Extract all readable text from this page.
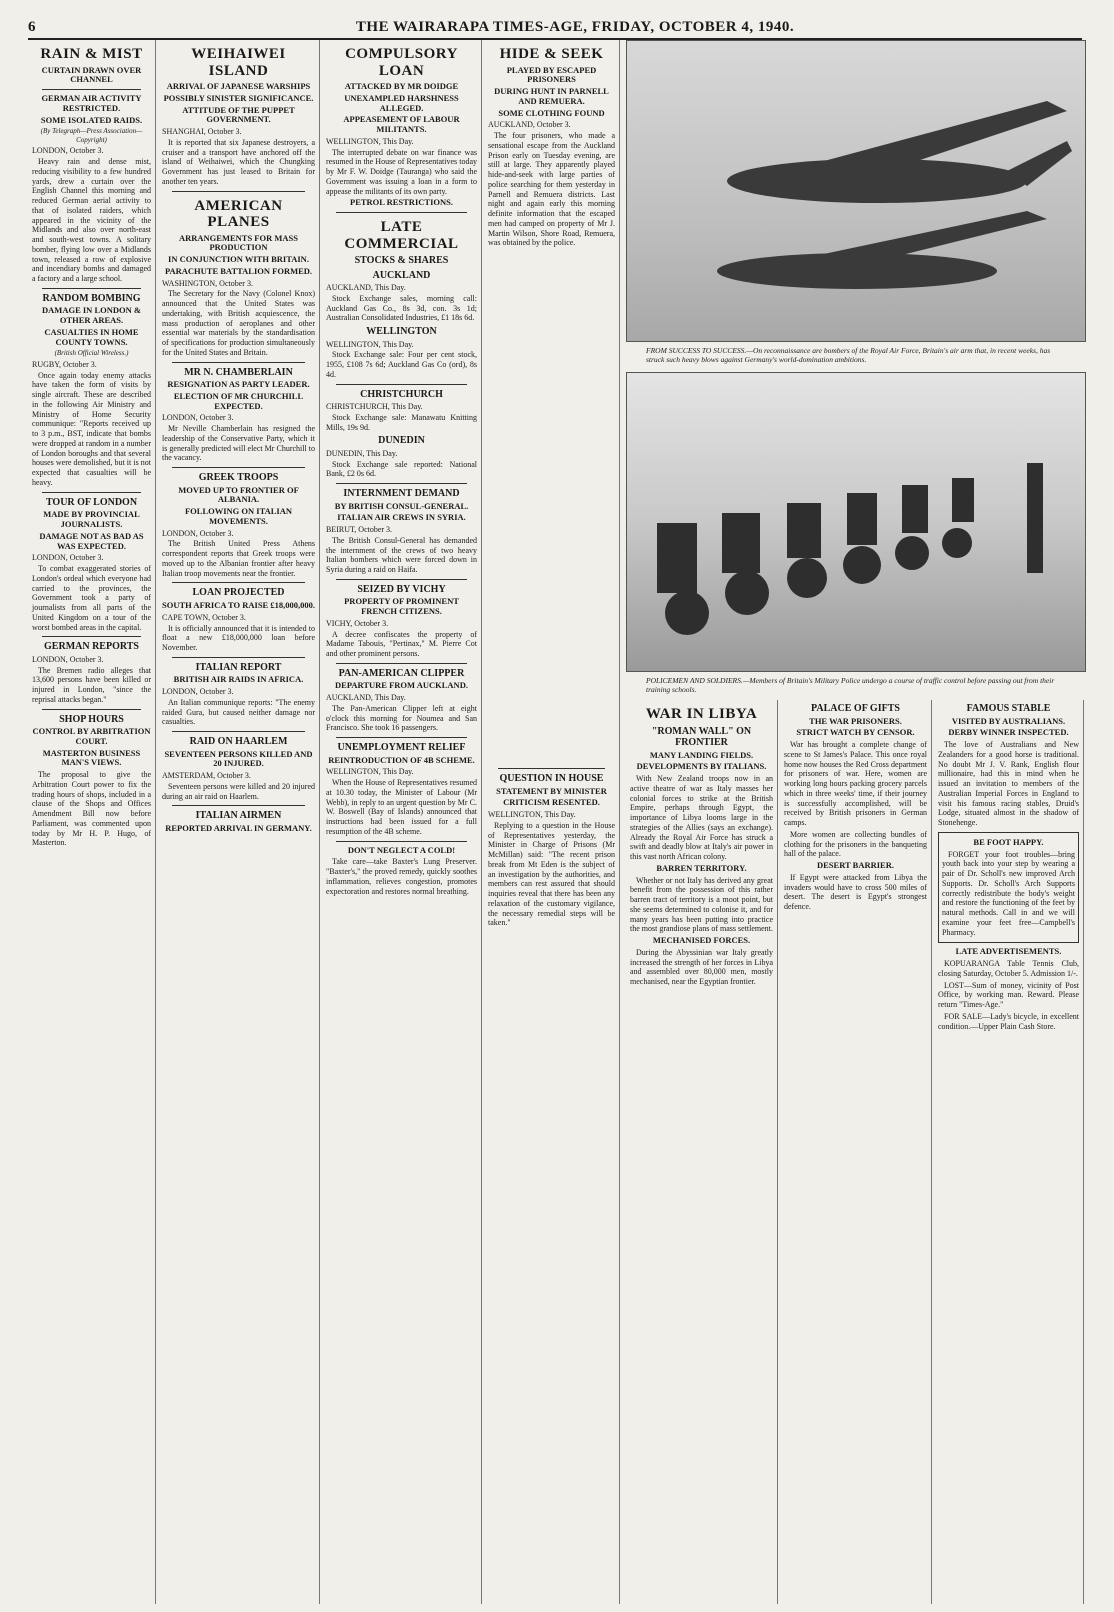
6	THE WAIRARAPA TIMES-AGE, FRIDAY, OCTOBER 4, 1940.
RAIN & MIST
CURTAIN DRAWN OVER CHANNEL
GERMAN AIR ACTIVITY RESTRICTED.
SOME ISOLATED RAIDS.
(By Telegraph—Press Association—Copyright)
LONDON, October 3.

Heavy rain and dense mist, reducing visibility to a few hundred yards, drew a curtain over the English Channel this morning and reduced German aerial activity to that of isolated raiders, which appeared in the vicinity of the Midlands and also over north-east and south-west towns. A solitary bomber, flying low over a Midlands town, released a row of explosive and incendiary bombs and damaged a factory and a large school.

RANDOM BOMBING
DAMAGE IN LONDON & OTHER AREAS.
CASUALTIES IN HOME COUNTY TOWNS.
(British Official Wireless.)
RUGBY, October 3.

Once again today enemy attacks have taken the form of visits by single aircraft. These are described in the following Air Ministry and Ministry of Home Security communique: "Reports received up to 3 p.m., BST, indicate that bombs were dropped at random in a number of London boroughs and that several houses were demolished, but it is not expected that casualties will be heavy.

TOUR OF LONDON
MADE BY PROVINCIAL JOURNALISTS.
DAMAGE NOT AS BAD AS WAS EXPECTED.
LONDON, October 3.

To combat exaggerated stories of London's ordeal which everyone had carried to the provinces, the Government took a party of journalists from all parts of the United Kingdom on a tour of the worst bombed areas in the capital.

GERMAN REPORTS
LONDON, October 3.

The Bremen radio alleges that 13,600 persons have been killed or injured in London, "since the reprisal attacks began."

SHOP HOURS
CONTROL BY ARBITRATION COURT.
MASTERTON BUSINESS MAN'S VIEWS.

The proposal to give the Arbitration Court power to fix the trading hours of shops, included in a clause of the Shops and Offices Amendment Bill now before Parliament, was commented upon today by Mr H. P. Hugo, of Masterton.

WEIHAIWEI ISLAND
ARRIVAL OF JAPANESE WARSHIPS
POSSIBLY SINISTER SIGNIFICANCE.
ATTITUDE OF THE PUPPET GOVERNMENT.
SHANGHAI, October 3.

It is reported that six Japanese destroyers, a cruiser and a transport have anchored off the island of Weihaiwei, which the Chungking Government has just leased to Britain for another ten years.

AMERICAN PLANES
ARRANGEMENTS FOR MASS PRODUCTION
IN CONJUNCTION WITH BRITAIN.
PARACHUTE BATTALION FORMED.
WASHINGTON, October 3.

The Secretary for the Navy (Colonel Knox) announced that the United States was undertaking, with British acquiescence, the mass production of aeroplanes and other essential war materials by the standardisation of specifications for production simultaneously for the United States and Britain.

MR N. CHAMBERLAIN
RESIGNATION AS PARTY LEADER.
ELECTION OF MR CHURCHILL EXPECTED.
LONDON, October 3.

Mr Neville Chamberlain has resigned the leadership of the Conservative Party, which it is generally predicted will elect Mr Churchill to the vacancy.

GREEK TROOPS
MOVED UP TO FRONTIER OF ALBANIA.
FOLLOWING ON ITALIAN MOVEMENTS.
LONDON, October 3.

The British United Press Athens correspondent reports that Greek troops were moved up to the Albanian frontier after heavy Italian troop movements near the frontier.

LOAN PROJECTED
SOUTH AFRICA TO RAISE £18,000,000.
CAPE TOWN, October 3.

It is officially announced that it is intended to float a new £18,000,000 loan before November.

ITALIAN REPORT
BRITISH AIR RAIDS IN AFRICA.
LONDON, October 3.

An Italian communique reports: "The enemy raided Gura, but caused neither damage nor casualties.

RAID ON HAARLEM
SEVENTEEN PERSONS KILLED AND 20 INJURED.
AMSTERDAM, October 3.

Seventeen persons were killed and 20 injured during an air raid on Haarlem.

ITALIAN AIRMEN
REPORTED ARRIVAL IN GERMANY.
COMPULSORY LOAN
ATTACKED BY MR DOIDGE
UNEXAMPLED HARSHNESS ALLEGED.
APPEASEMENT OF LABOUR MILITANTS.
WELLINGTON, This Day.

The interrupted debate on war finance was resumed in the House of Representatives today by Mr F. W. Doidge (Tauranga) who said the Government was issuing a loan in a form to appease the militants of its own party.

PETROL RESTRICTIONS.
LATE COMMERCIAL
STOCKS & SHARES
AUCKLAND
AUCKLAND, This Day.

Stock Exchange sales, morning call: Auckland Gas Co., 8s 3d, con. 3s 1d; Australian Consolidated Industries, £1 18s 6d.

WELLINGTON
WELLINGTON, This Day.

Stock Exchange sale: Four per cent stock, 1955, £108 7s 6d; Auckland Gas Co (ord), 8s 4d.

CHRISTCHURCH
CHRISTCHURCH, This Day.

Stock Exchange sale: Manawatu Knitting Mills, 19s 9d.

DUNEDIN
DUNEDIN, This Day.

Stock Exchange sale reported: National Bank, £2 0s 6d.

INTERNMENT DEMAND
BY BRITISH CONSUL-GENERAL.
ITALIAN AIR CREWS IN SYRIA.
BEIRUT, October 3.

The British Consul-General has demanded the internment of the crews of two heavy Italian bombers which were forced down in Syria during a raid on Haifa.

SEIZED BY VICHY
PROPERTY OF PROMINENT FRENCH CITIZENS.
VICHY, October 3.

A decree confiscates the property of Madame Tabouis, "Pertinax," M. Pierre Cot and other prominent persons.

PAN-AMERICAN CLIPPER
DEPARTURE FROM AUCKLAND.
AUCKLAND, This Day.

The Pan-American Clipper left at eight o'clock this morning for Noumea and San Francisco. She took 16 passengers.

UNEMPLOYMENT RELIEF
REINTRODUCTION OF 4B SCHEME.
WELLINGTON, This Day.

When the House of Representatives resumed at 10.30 today, the Minister of Labour (Mr Webb), in reply to an urgent question by Mr C. W. Boswell (Bay of Islands) announced that instructions had been issued for a full resumption of the 4B scheme.

DON'T NEGLECT A COLD!

Take care—take Baxter's Lung Preserver. "Baxter's," the proved remedy, quickly soothes inflammation, relieves congestion, promotes expectoration and restores normal breathing.

HIDE & SEEK
PLAYED BY ESCAPED PRISONERS
DURING HUNT IN PARNELL AND REMUERA.
SOME CLOTHING FOUND
AUCKLAND, October 3.

The four prisoners, who made a sensational escape from the Auckland Prison early on Tuesday evening, are still at large. They apparently played hide-and-seek with large parties of police searching for them yesterday in Parnell and Remuera districts. Last night and again early this morning definite information that the escaped men had camped on property of Mr J. Martin Wilson, Shore Road, Remuera, was obtained by the police.

QUESTION IN HOUSE
STATEMENT BY MINISTER
CRITICISM RESENTED.
WELLINGTON, This Day.

Replying to a question in the House of Representatives yesterday, the Minister in Charge of Prisons (Mr McMillan) said: "The recent prison break from Mt Eden is the subject of an investigation by the authorities, and members can rest assured that should inquiries reveal that there has been any relaxation of the customary vigilance, the necessary remedial steps will be taken."

FROM SUCCESS TO SUCCESS.—On reconnaissance are bombers of the Royal Air Force, Britain's air arm that, in recent weeks, has struck such heavy blows against Germany's world-domination ambitions.
POLICEMEN AND SOLDIERS.—Members of Britain's Military Police undergo a course of traffic control before passing out from their training schools.
WAR IN LIBYA
"ROMAN WALL" ON FRONTIER
MANY LANDING FIELDS.
DEVELOPMENTS BY ITALIANS.

With New Zealand troops now in an active theatre of war as Italy masses her colonial forces to strike at the British Empire, perhaps through Egypt, the importance of Libya looms large in the strategies of the Allies (says an exchange). Already the Royal Air Force has struck a swift and deadly blow at Italy's air power in this vast north African colony.

BARREN TERRITORY.

Whether or not Italy has derived any great benefit from the possession of this rather barren tract of territory is a moot point, but she seems determined to colonise it, and for many years has been putting into practice the most grandiose plans of mass settlement.

MECHANISED FORCES.

During the Abyssinian war Italy greatly increased the strength of her forces in Libya and assembled over 80,000 men, mostly mechanised, near the Egyptian frontier.

PALACE OF GIFTS
THE WAR PRISONERS.
STRICT WATCH BY CENSOR.

War has brought a complete change of scene to St James's Palace. This once royal home now houses the Red Cross department for prisoners of war. Here, women are working long hours packing grocery parcels which in three weeks' time, if their journey is successfully accomplished, will be received by British prisoners in German camps.

More women are collecting bundles of clothing for the prisoners in the banqueting hall of the palace.

DESERT BARRIER.

If Egypt were attacked from Libya the invaders would have to cross 500 miles of desert. The desert is Egypt's strongest defence.

FAMOUS STABLE
VISITED BY AUSTRALIANS.
DERBY WINNER INSPECTED.

The love of Australians and New Zealanders for a good horse is traditional. No doubt Mr J. V. Rank, English flour millionaire, had this in mind when he issued an invitation to members of the Australian Imperial Forces in England to visit his famous racing stables, Druid's Lodge, situated almost in the shadow of Stonehenge.

BE FOOT HAPPY.

FORGET your foot troubles—bring youth back into your step by wearing a pair of Dr. Scholl's new improved Arch Supports. Dr. Scholl's Arch Supports correctly redistribute the body's weight and restore the functioning of the feet by natural methods. Call in and we will examine your feet free—Campbell's Pharmacy.

LATE ADVERTISEMENTS.

KOPUARANGA Table Tennis Club, closing Saturday, October 5. Admission 1/-.

LOST—Sum of money, vicinity of Post Office, by working man. Reward. Please return "Times-Age."

FOR SALE—Lady's bicycle, in excellent condition.—Upper Plain Cash Store.
